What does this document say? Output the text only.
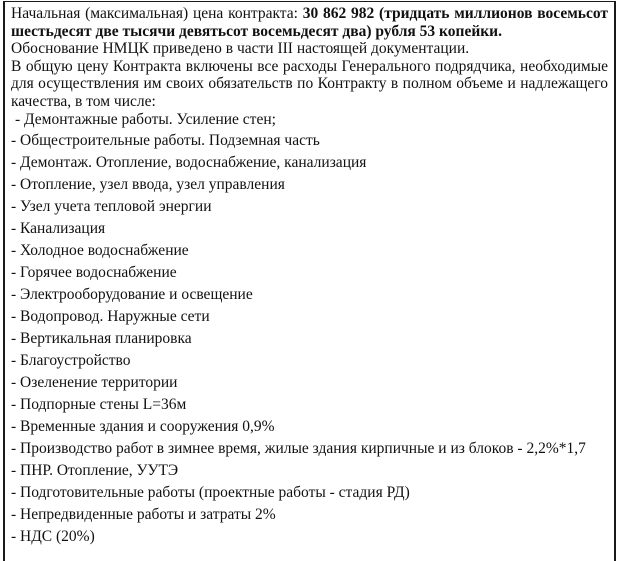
Начальная (максимальная) цена контракта: 30 862 982 (тридцать миллионов восемьсот шестьдесят две тысячи девятьсот восемьдесят два) рубля 53 копейки.

Обоснование НМЦК приведено в части III настоящей документации.

В общую цену Контракта включены все расходы Генерального подрядчика, необходимые для осуществления им своих обязательств по Контракту в полном объеме и надлежащего качества, в том числе:

- Демонтажные работы. Усиление стен;
- Общестроительные работы. Подземная часть
- Демонтаж. Отопление, водоснабжение, канализация
- Отопление, узел ввода, узел управления
- Узел учета тепловой энергии
- Канализация
- Холодное водоснабжение
- Горячее водоснабжение
- Электрооборудование и освещение
- Водопровод. Наружные сети
- Вертикальная планировка
- Благоустройство
- Озеленение территории
- Подпорные стены L=36м
- Временные здания и сооружения 0,9%
- Производство работ в зимнее время, жилые здания кирпичные и из блоков - 2,2%*1,7
- ПНР. Отопление, УУТЭ
- Подготовительные работы (проектные работы - стадия РД)
- Непредвиденные работы и затраты 2%
- НДС (20%)
